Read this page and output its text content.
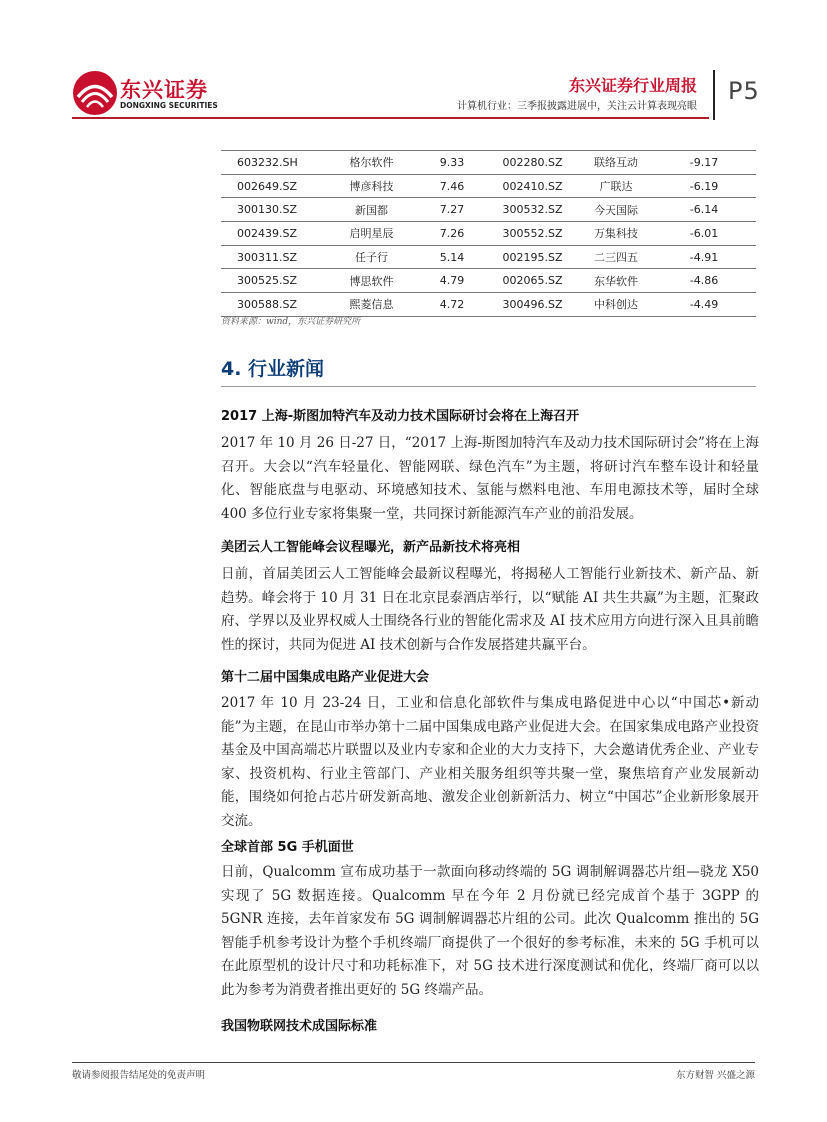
东兴证券
DONGXING SECURITIES
东兴证券行业周报
计算机行业：三季报披露进展中，关注云计算表现亮眼
P5
603232.SH	格尔软件	9.33	002280.SZ	联络互动	-9.17
002649.SZ	博彦科技	7.46	002410.SZ	广联达	-6.19
300130.SZ	新国都	7.27	300532.SZ	今天国际	-6.14
002439.SZ	启明星辰	7.26	300552.SZ	万集科技	-6.01
300311.SZ	任子行	5.14	002195.SZ	二三四五	-4.91
300525.SZ	博思软件	4.79	002065.SZ	东华软件	-4.86
300588.SZ	熙菱信息	4.72	300496.SZ	中科创达	-4.49
资料来源：wind，东兴证券研究所
4. 行业新闻
2017 上海-斯图加特汽车及动力技术国际研讨会将在上海召开

2017 年 10 月 26 日-27 日，“2017 上海-斯图加特汽车及动力技术国际研讨会”将在上海召开。大会以“汽车轻量化、智能网联、绿色汽车”为主题，将研讨汽车整车设计和轻量化、智能底盘与电驱动、环境感知技术、氢能与燃料电池、车用电源技术等，届时全球 400 多位行业专家将集聚一堂，共同探讨新能源汽车产业的前沿发展。

美团云人工智能峰会议程曝光，新产品新技术将亮相

日前，首届美团云人工智能峰会最新议程曝光，将揭秘人工智能行业新技术、新产品、新趋势。峰会将于 10 月 31 日在北京昆泰酒店举行，以“赋能 AI 共生共赢”为主题，汇聚政府、学界以及业界权威人士围绕各行业的智能化需求及 AI 技术应用方向进行深入且具前瞻性的探讨，共同为促进 AI 技术创新与合作发展搭建共赢平台。

第十二届中国集成电路产业促进大会

2017 年 10 月 23-24 日，工业和信息化部软件与集成电路促进中心以“中国芯•新动能”为主题，在昆山市举办第十二届中国集成电路产业促进大会。在国家集成电路产业投资基金及中国高端芯片联盟以及业内专家和企业的大力支持下，大会邀请优秀企业、产业专家、投资机构、行业主管部门、产业相关服务组织等共聚一堂，聚焦培育产业发展新动能，围绕如何抢占芯片研发新高地、激发企业创新新活力、树立“中国芯”企业新形象展开交流。

全球首部 5G 手机面世

日前，Qualcomm 宣布成功基于一款面向移动终端的 5G 调制解调器芯片组—骁龙 X50 实现了 5G 数据连接。Qualcomm 早在今年 2 月份就已经完成首个基于 3GPP 的 5GNR 连接，去年首家发布 5G 调制解调器芯片组的公司。此次 Qualcomm 推出的 5G 智能手机参考设计为整个手机终端厂商提供了一个很好的参考标准，未来的 5G 手机可以在此原型机的设计尺寸和功耗标准下，对 5G 技术进行深度测试和优化，终端厂商可以以此为参考为消费者推出更好的 5G 终端产品。

我国物联网技术成国际标准
敬请参阅报告结尾处的免责声明	东方财智 兴盛之源
